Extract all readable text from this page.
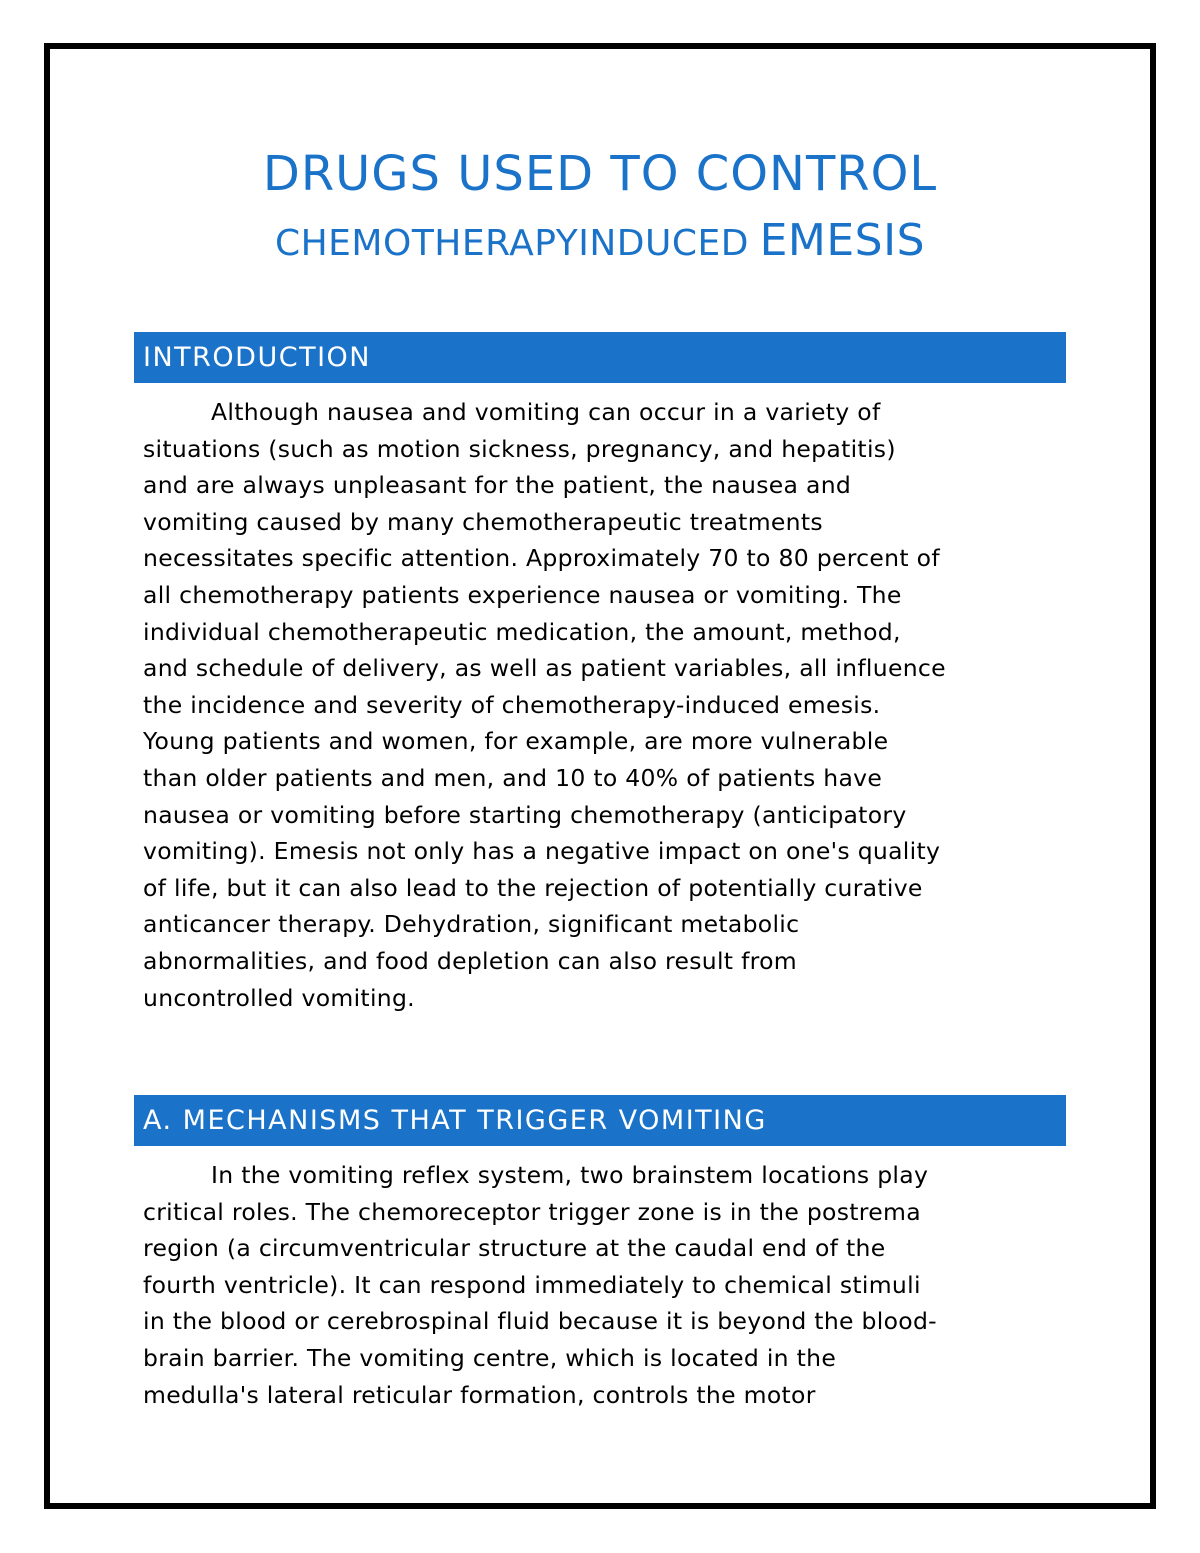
DRUGS USED TO CONTROL
CHEMOTHERAPYINDUCED EMESIS
INTRODUCTION

Although nausea and vomiting can occur in a variety of
situations (such as motion sickness, pregnancy, and hepatitis)
and are always unpleasant for the patient, the nausea and
vomiting caused by many chemotherapeutic treatments
necessitates specific attention. Approximately 70 to 80 percent of
all chemotherapy patients experience nausea or vomiting. The
individual chemotherapeutic medication, the amount, method,
and schedule of delivery, as well as patient variables, all influence
the incidence and severity of chemotherapy-induced emesis.
Young patients and women, for example, are more vulnerable
than older patients and men, and 10 to 40% of patients have
nausea or vomiting before starting chemotherapy (anticipatory
vomiting). Emesis not only has a negative impact on one's quality
of life, but it can also lead to the rejection of potentially curative
anticancer therapy. Dehydration, significant metabolic
abnormalities, and food depletion can also result from
uncontrolled vomiting.

A. MECHANISMS THAT TRIGGER VOMITING

In the vomiting reflex system, two brainstem locations play
critical roles. The chemoreceptor trigger zone is in the postrema
region (a circumventricular structure at the caudal end of the
fourth ventricle). It can respond immediately to chemical stimuli
in the blood or cerebrospinal fluid because it is beyond the blood-
brain barrier. The vomiting centre, which is located in the
medulla's lateral reticular formation, controls the motor
